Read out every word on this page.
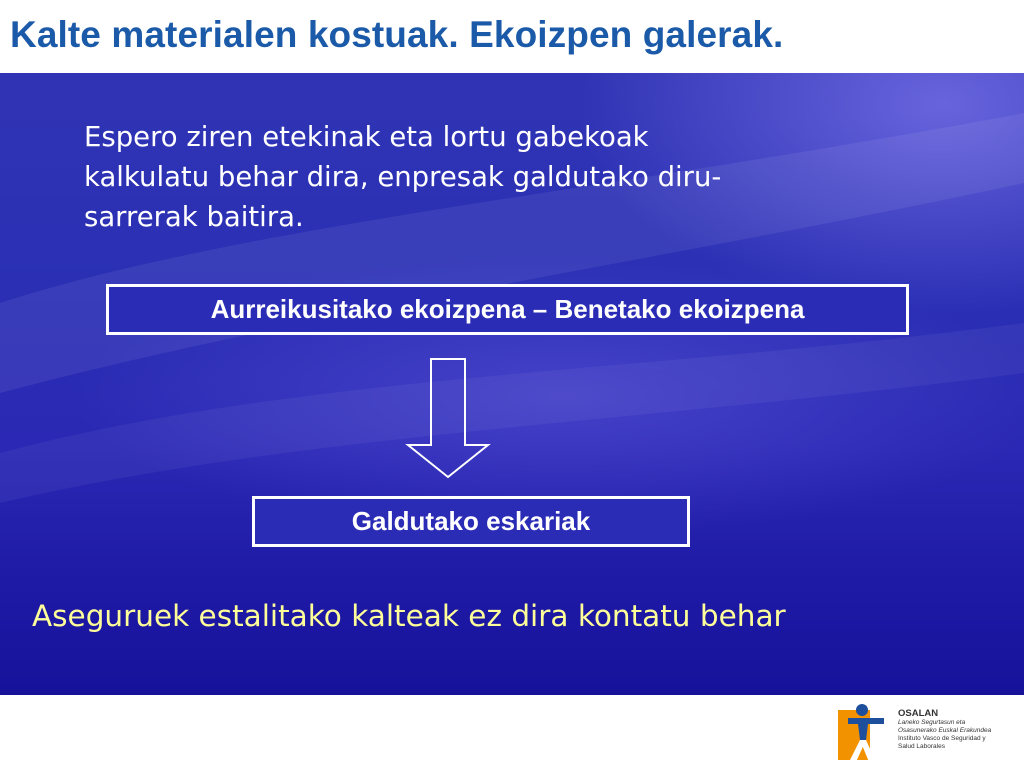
Kalte materialen kostuak. Ekoizpen galerak.

Espero ziren etekinak eta lortu gabekoak
kalkulatu behar dira, enpresak galdutako diru-
sarrerak baitira.

Aurreikusitako ekoizpena – Benetako ekoizpena
Galdutako eskariak

Aseguruek estalitako kalteak ez dira kontatu behar

OSALAN
Laneko Segurtasun eta
Osasunerako Euskal Erakundea
Instituto Vasco de Seguridad y
Salud Laborales
